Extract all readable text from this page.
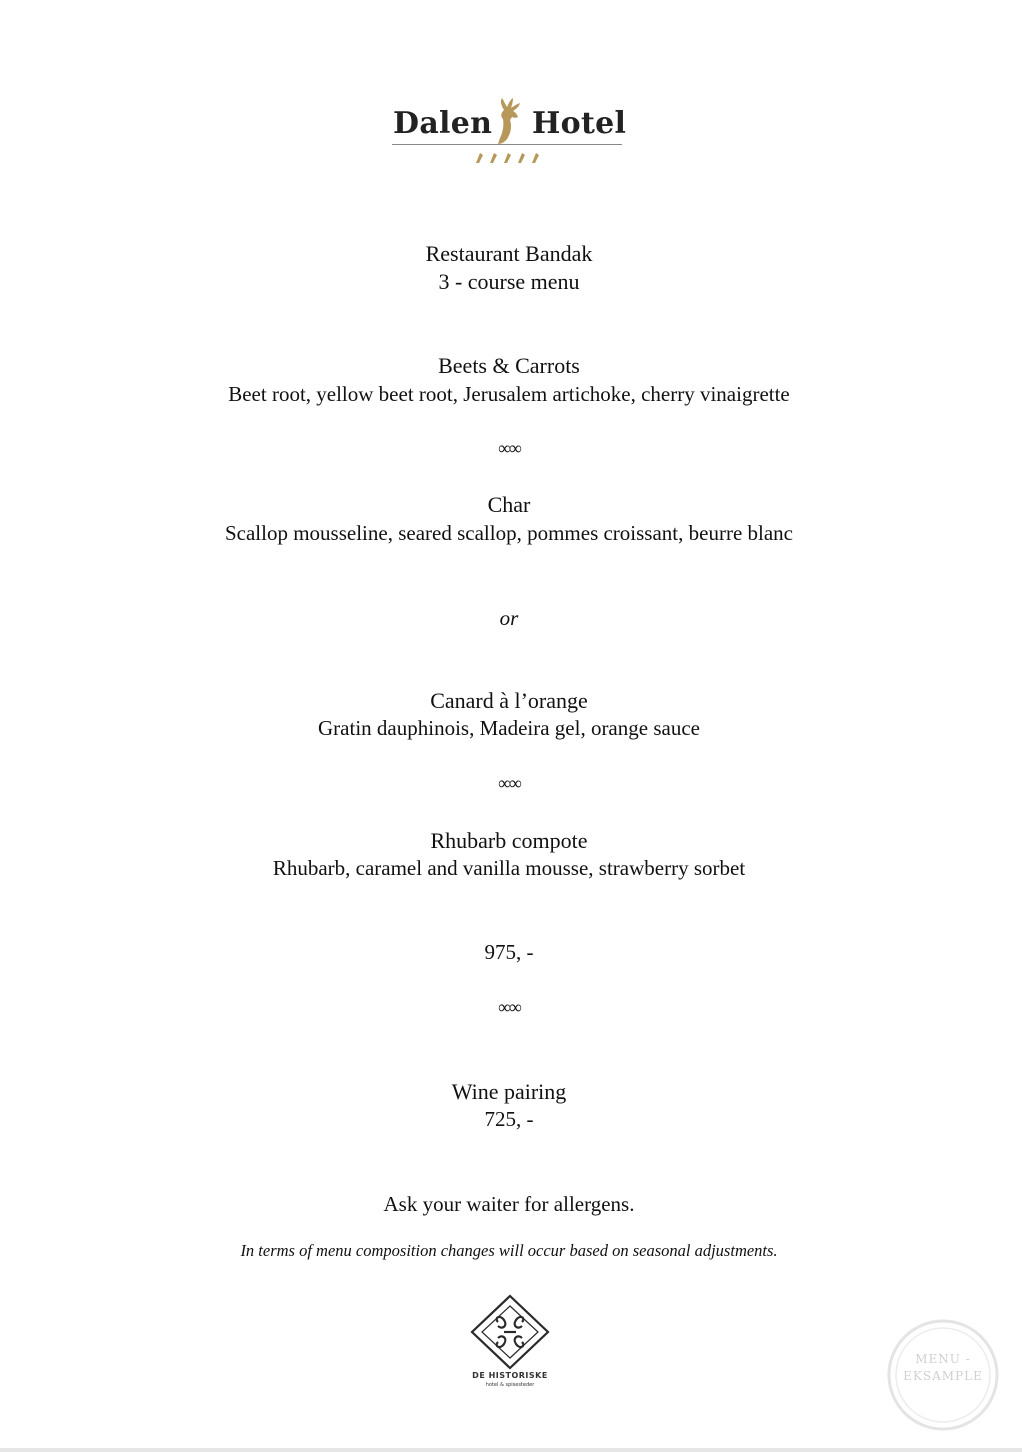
Dalen Hotel
Restaurant Bandak
3 - course menu
Beets & Carrots
Beet root, yellow beet root, Jerusalem artichoke, cherry vinaigrette
∞∞
Char
Scallop mousseline, seared scallop, pommes croissant, beurre blanc
or
Canard à l’orange
Gratin dauphinois, Madeira gel, orange sauce
∞∞
Rhubarb compote
Rhubarb, caramel and vanilla mousse, strawberry sorbet
975, -
∞∞
Wine pairing
725, -
Ask your waiter for allergens.
In terms of menu composition changes will occur based on seasonal adjustments.
DE HISTORISKE
hotel & spisesteder
MENU -
EKSAMPLE
